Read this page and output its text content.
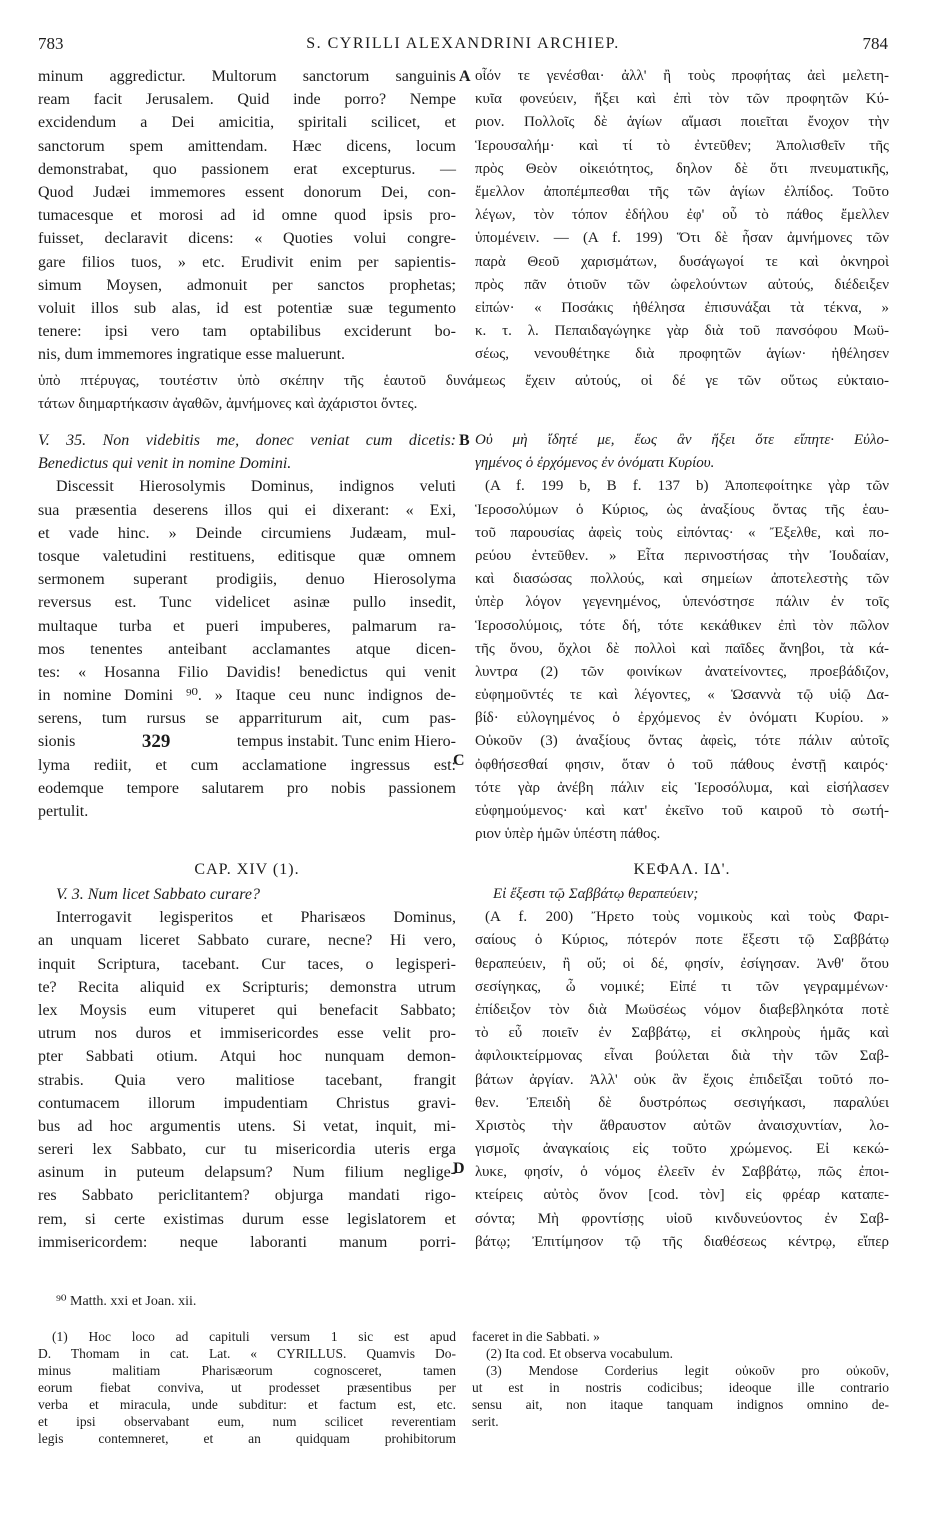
783	S. CYRILLI ALEXANDRINI ARCHIEP.	784
minum aggredictur. Multorum sanctorum sanguinis
ream facit Jerusalem. Quid inde porro? Nempe
excidendum a Dei amicitia, spiritali scilicet, et
sanctorum spem amittendam. Hæc dicens, locum
demonstrabat, quo passionem erat excepturus. —
Quod Judæi immemores essent donorum Dei, con-
tumacesque et morosi ad id omne quod ipsis pro-
fuisset, declaravit dicens: « Quoties volui congre-
gare filios tuos, » etc. Erudivit enim per sapientis-
simum Moysen, admonuit per sanctos prophetas;
voluit illos sub alas, id est potentiæ suæ tegumento
tenere: ipsi vero tam optabilibus exciderunt bo-
nis, dum immemores ingratique esse maluerunt.
A οἷόν τε γενέσθαι· ἀλλ' ἢ τοὺς προφήτας ἀεὶ μελετη-
κυῖα φονεύειν, ἥξει καὶ ἐπὶ τὸν τῶν προφητῶν Κύ-
ριον. Πολλοῖς δὲ ἁγίων αἵμασι ποιεῖται ἔνοχον τὴν
Ἱερουσαλήμ· καὶ τί τὸ ἐντεῦθεν; Ἀπολισθεῖν τῆς
πρὸς Θεὸν οἰκειότητος, δηλον δὲ ὅτι πνευματικῆς,
ἔμελλον ἀποπέμπεσθαι τῆς τῶν ἁγίων ἐλπίδος. Τοῦτο
λέγων, τὸν τόπον ἐδήλου ἐφ' οὗ τὸ πάθος ἔμελλεν
ὑπομένειν. — (A f. 199) Ὅτι δὲ ἦσαν ἀμνήμονες τῶν
παρὰ Θεοῦ χαρισμάτων, δυσάγωγοί τε καὶ ὀκνηροὶ
πρὸς πᾶν ὁτιοῦν τῶν ὠφελούντων αὐτούς, διέδειξεν
εἰπών· « Ποσάκις ἠθέλησα ἐπισυνάξαι τὰ τέκνα, »
κ. τ. λ. Πεπαιδαγώγηκε γὰρ διὰ τοῦ πανσόφου Μωϋ-
σέως, νενουθέτηκε διὰ προφητῶν ἁγίων· ἠθέλησεν
ὑπὸ πτέρυγας, τουτέστιν ὑπὸ σκέπην τῆς ἑαυτοῦ δυνάμεως ἔχειν αὐτούς, οἱ δέ γε τῶν οὕτως εὐκταιο-
τάτων διημαρτήκασιν ἀγαθῶν, ἀμνήμονες καὶ ἀχάριστοι ὄντες.
V. 35. Non videbitis me, donec veniat cum dicetis:
Benedictus qui venit in nomine Domini.
Discessit Hierosolymis Dominus, indignos veluti
sua præsentia deserens illos qui ei dixerant: « Exi,
et vade hinc. » Deinde circumiens Judæam, mul-
tosque valetudini restituens, editisque quæ omnem
sermonem superant prodigiis, denuo Hierosolyma
reversus est. Tunc videlicet asinæ pullo insedit,
multaque turba et pueri impuberes, palmarum ra-
mos tenentes anteibant acclamantes atque dicen-
tes: « Hosanna Filio Davidis! benedictus qui venit
in nomine Domini ⁹⁰. » Itaque ceu nunc indignos de-
serens, tum rursus se apparriturum ait, cum pas-
sionis	329	tempus instabit. Tunc enim Hiero-
lyma rediit, et cum acclamatione ingressus est:
eodemque tempore salutarem pro nobis passionem
pertulit.
B
C
Οὐ μὴ ἴδητέ με, ἕως ἂν ἥξει ὅτε εἴπητε· Εὐλο-
γημένος ὁ ἐρχόμενος ἐν ὀνόματι Κυρίου.
(A f. 199 b, B f. 137 b) Ἀποπεφοίτηκε γὰρ τῶν
Ἱεροσολύμων ὁ Κύριος, ὡς ἀναξίους ὄντας τῆς ἑαυ-
τοῦ παρουσίας ἀφεὶς τοὺς εἰπόντας· « Ἔξελθε, καὶ πο-
ρεύου ἐντεῦθεν. » Εἶτα περινοστήσας τὴν Ἰουδαίαν,
καὶ διασώσας πολλούς, καὶ σημείων ἀποτελεστὴς τῶν
ὑπὲρ λόγον γεγενημένος, ὑπενόστησε πάλιν ἐν τοῖς
Ἱεροσολύμοις, τότε δή, τότε κεκάθικεν ἐπὶ τὸν πῶλον
τῆς ὄνου, ὄχλοι δὲ πολλοὶ καὶ παῖδες ἄνηβοι, τὰ κά-
λυντρα (2) τῶν φοινίκων ἀνατείνοντες, προεβάδιζον,
εὐφημοῦντές τε καὶ λέγοντες, « Ὡσαννὰ τῷ υἱῷ Δα-
βίδ· εὐλογημένος ὁ ἐρχόμενος ἐν ὀνόματι Κυρίου. »
Οὐκοῦν (3) ἀναξίους ὄντας ἀφεὶς, τότε πάλιν αὐτοῖς
ὀφθήσεσθαί φησιν, ὅταν ὁ τοῦ πάθους ἐνστῇ καιρός·
τότε γὰρ ἀνέβη πάλιν εἰς Ἱεροσόλυμα, καὶ εἰσήλασεν
εὐφημούμενος· καὶ κατ' ἐκεῖνο τοῦ καιροῦ τὸ σωτή-
ριον ὑπὲρ ἡμῶν ὑπέστη πάθος.
CAP. XIV (1).	ΚΕΦΑΛ. ΙΔ'.
V. 3. Num licet Sabbato curare?
Interrogavit legisperitos et Pharisæos Dominus,
an unquam liceret Sabbato curare, necne? Hi vero,
inquit Scriptura, tacebant. Cur taces, o legisperi-
te? Recita aliquid ex Scripturis; demonstra utrum
lex Moysis eum vituperet qui benefacit Sabbato;
utrum nos duros et immisericordes esse velit pro-
pter Sabbati otium. Atqui hoc nunquam demon-
strabis. Quia vero malitiose tacebant, frangit
contumacem illorum impudentiam Christus gravi-
bus ad hoc argumentis utens. Si vetat, inquit, mi-
sereri lex Sabbato, cur tu misericordia uteris erga
asinum in puteum delapsum? Num filium neglige-
res Sabbato periclitantem? objurga mandati rigo-
rem, si certe existimas durum esse legislatorem et
immisericordem: neque laboranti manum porri-
D
Εἰ ἔξεστι τῷ Σαββάτῳ θεραπεύειν;
(A f. 200) Ἤρετο τοὺς νομικοὺς καὶ τοὺς Φαρι-
σαίους ὁ Κύριος, πότερόν ποτε ἔξεστι τῷ Σαββάτῳ
θεραπεύειν, ἢ οὔ; οἱ δέ, φησίν, ἐσίγησαν. Ἀνθ' ὅτου
σεσίγηκας, ὦ νομικέ; Εἰπέ τι τῶν γεγραμμένων·
ἐπίδειξον τὸν διὰ Μωϋσέως νόμον διαβεβληκότα ποτὲ
τὸ εὖ ποιεῖν ἐν Σαββάτῳ, εἰ σκληροὺς ἡμᾶς καὶ
ἀφιλοικτείρμονας εἶναι βούλεται διὰ τὴν τῶν Σαβ-
βάτων ἀργίαν. Ἀλλ' οὐκ ἂν ἔχοις ἐπιδεῖξαι τοῦτό πο-
θεν. Ἐπειδὴ δὲ δυστρόπως σεσιγήκασι, παραλύει
Χριστὸς τὴν ἄθραυστον αὐτῶν ἀναισχυντίαν, λο-
γισμοῖς ἀναγκαίοις εἰς τοῦτο χρώμενος. Εἰ κεκώ-
λυκε, φησίν, ὁ νόμος ἐλεεῖν ἐν Σαββάτῳ, πῶς ἐποι-
κτείρεις αὐτὸς ὄνον [cod. τὸν] εἰς φρέαρ καταπε-
σόντα; Μὴ φροντίσῃς υἱοῦ κινδυνεύοντος ἐν Σαβ-
βάτῳ; Ἐπιτίμησον τῷ τῆς διαθέσεως κέντρῳ, εἴπερ
⁹⁰ Matth. xxi et Joan. xii.
(1) Hoc loco ad capituli versum 1 sic est apud
D. Thomam in cat. Lat. « CYRILLUS. Quamvis Do-
minus malitiam Pharisæorum cognosceret, tamen
eorum fiebat conviva, ut prodesset præsentibus per
verba et miracula, unde subditur: et factum est, etc.
et ipsi observabant eum, num scilicet reverentiam
legis contemneret, et an quidquam prohibitorum
faceret in die Sabbati. »
(2) Ita cod. Et observa vocabulum.
(3) Mendose Corderius legit οὐκοῦν pro οὐκοῦν,
ut est in nostris codicibus; ideoque ille contrario
sensu ait, non itaque tanquam indignos omnino de-
serit.
